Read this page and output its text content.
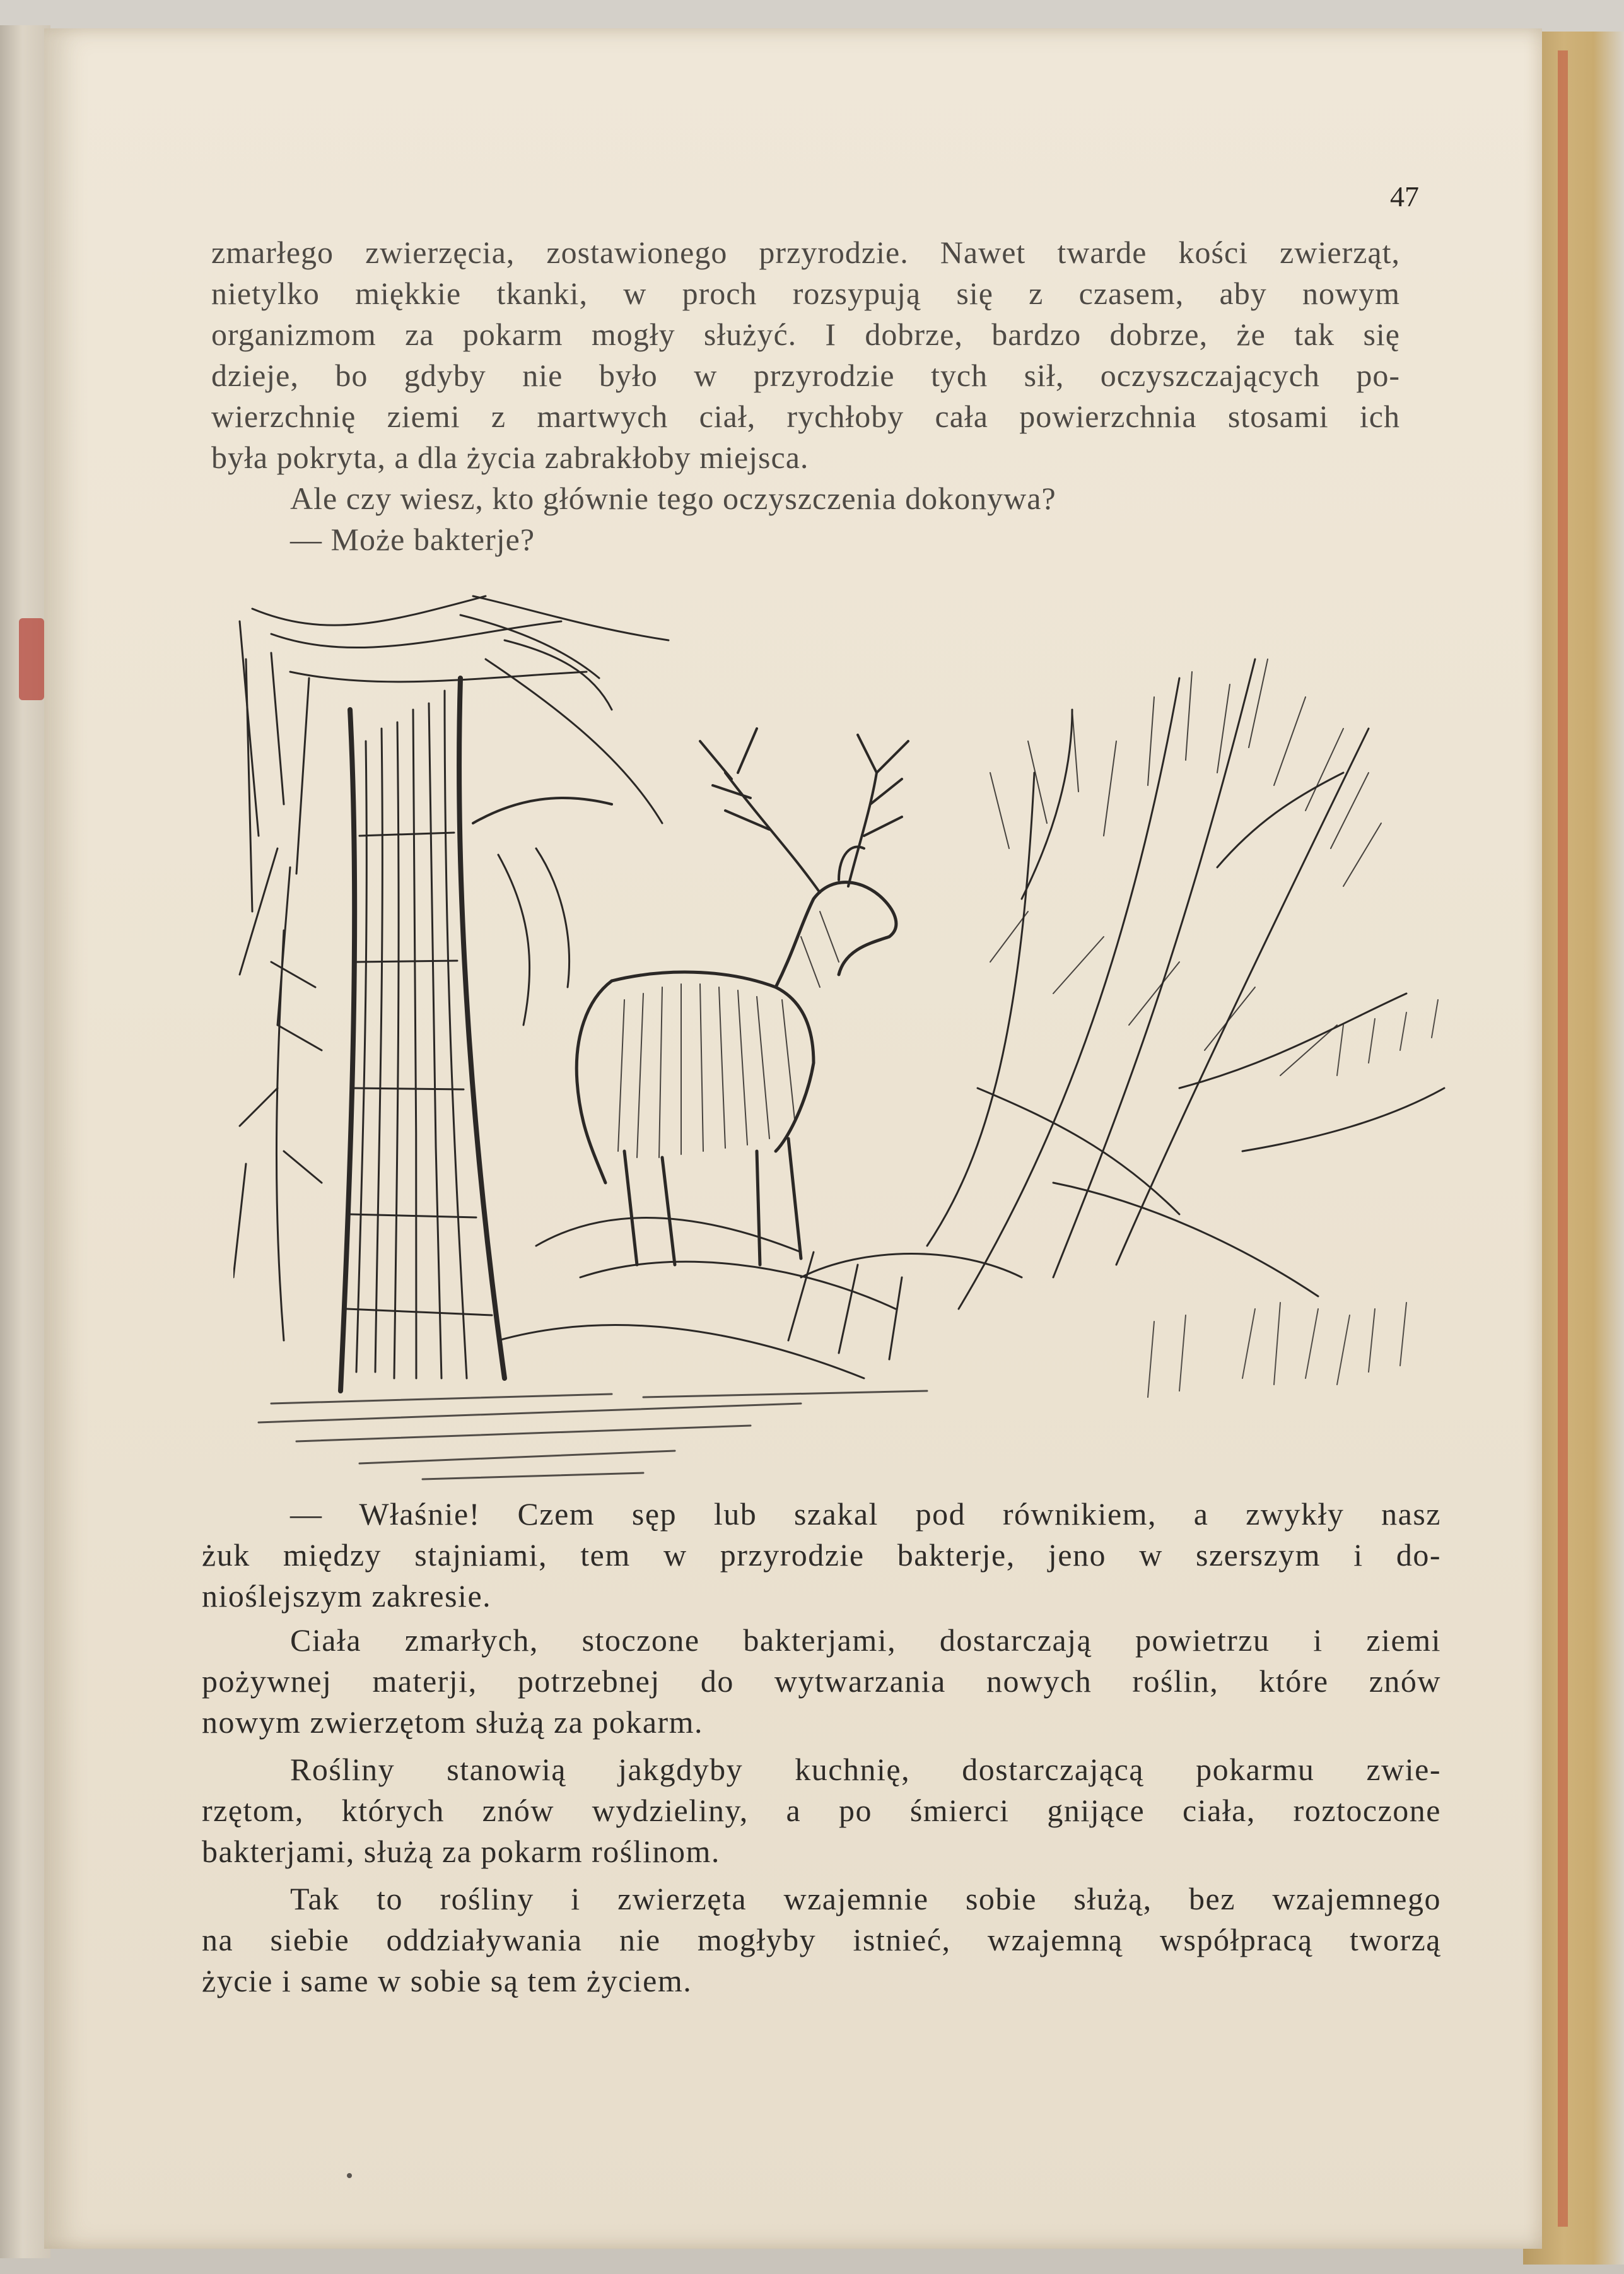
47
zmarłego zwierzęcia, zostawionego przyrodzie. Nawet twarde kości zwierząt,
nietylko miękkie tkanki, w proch rozsypują się z czasem, aby nowym
organizmom za pokarm mogły służyć. I dobrze, bardzo dobrze, że tak się
dzieje, bo gdyby nie było w przyrodzie tych sił, oczyszczających po-
wierzchnię ziemi z martwych ciał, rychłoby cała powierzchnia stosami ich
była pokryta, a dla życia zabrakłoby miejsca.
Ale czy wiesz, kto głównie tego oczyszczenia dokonywa?
— Może bakterje?
— Właśnie! Czem sęp lub szakal pod równikiem, a zwykły nasz
żuk między stajniami, tem w przyrodzie bakterje, jeno w szerszym i do-
nioślejszym zakresie.
Ciała zmarłych, stoczone bakterjami, dostarczają powietrzu i ziemi
pożywnej materji, potrzebnej do wytwarzania nowych roślin, które znów
nowym zwierzętom służą za pokarm.
Rośliny stanowią jakgdyby kuchnię, dostarczającą pokarmu zwie-
rzętom, których znów wydzieliny, a po śmierci gnijące ciała, roztoczone
bakterjami, służą za pokarm roślinom.
Tak to rośliny i zwierzęta wzajemnie sobie służą, bez wzajemnego
na siebie oddziaływania nie mogłyby istnieć, wzajemną współpracą tworzą
życie i same w sobie są tem życiem.
